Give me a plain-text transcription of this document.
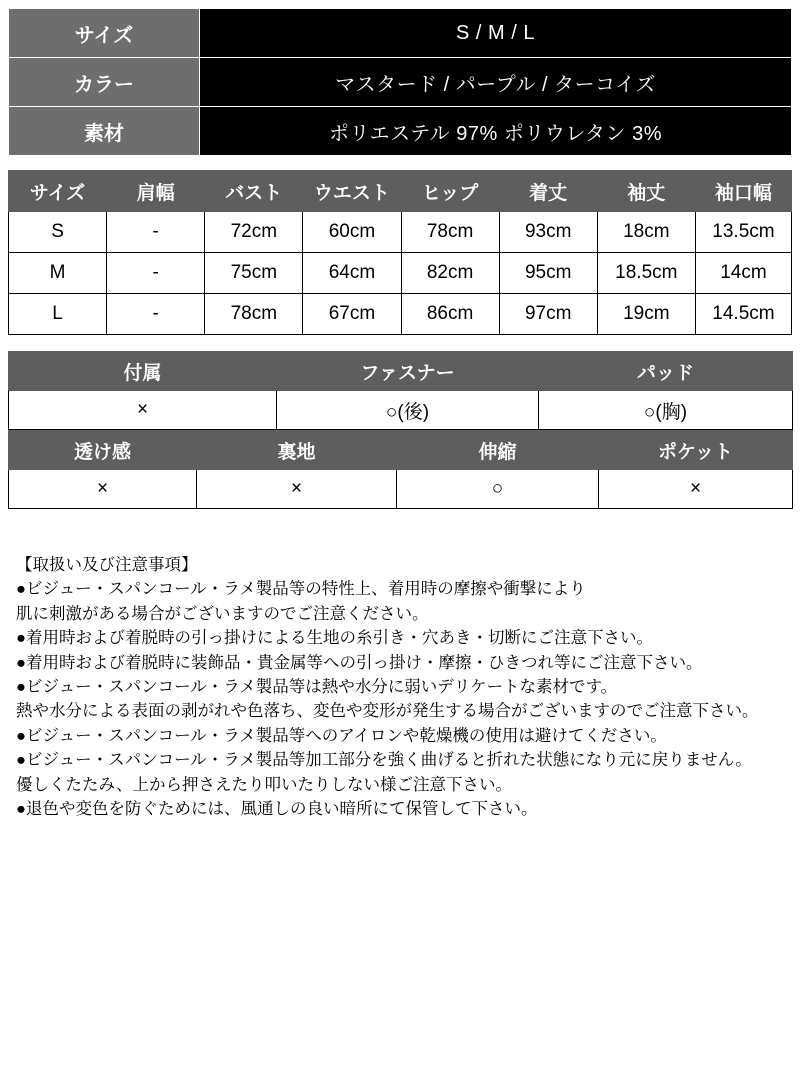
サイズ	S / M / L
カラー	マスタード / パープル / ターコイズ
素材	ポリエステル 97% ポリウレタン 3%
サイズ	肩幅	バスト	ウエスト	ヒップ	着丈	袖丈	袖口幅
S	-	72cm	60cm	78cm	93cm	18cm	13.5cm
M	-	75cm	64cm	82cm	95cm	18.5cm	14cm
L	-	78cm	67cm	86cm	97cm	19cm	14.5cm
付属	ファスナー	パッド
×	○(後)	○(胸)
透け感	裏地	伸縮	ポケット
×	×	○	×
【取扱い及び注意事項】
●ビジュー・スパンコール・ラメ製品等の特性上、着用時の摩擦や衝撃により
肌に刺激がある場合がございますのでご注意ください。
●着用時および着脱時の引っ掛けによる生地の糸引き・穴あき・切断にご注意下さい。
●着用時および着脱時に装飾品・貴金属等への引っ掛け・摩擦・ひきつれ等にご注意下さい。
●ビジュー・スパンコール・ラメ製品等は熱や水分に弱いデリケートな素材です。
熱や水分による表面の剥がれや色落ち、変色や変形が発生する場合がございますのでご注意下さい。
●ビジュー・スパンコール・ラメ製品等へのアイロンや乾燥機の使用は避けてください。
●ビジュー・スパンコール・ラメ製品等加工部分を強く曲げると折れた状態になり元に戻りません。
優しくたたみ、上から押さえたり叩いたりしない様ご注意下さい。
●退色や変色を防ぐためには、風通しの良い暗所にて保管して下さい。
